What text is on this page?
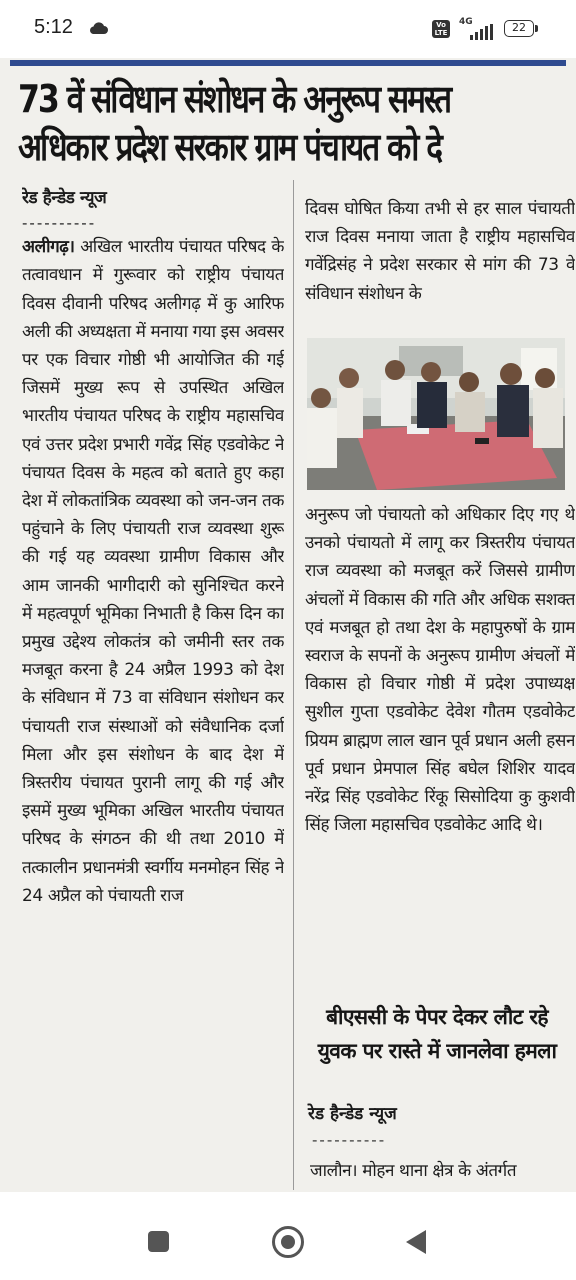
5:12	Vo LTE
4G	22
73 वें संविधान संशोधन के अनुरूप समस्त
अधिकार प्रदेश सरकार ग्राम पंचायत को दे
रेड हैन्डेड न्यूज
----------

अलीगढ़। अखिल भारतीय पंचायत परिषद के तत्वावधान में गुरूवार को राष्ट्रीय पंचायत दिवस दीवानी परिषद अलीगढ़ में कु आरिफ अली की अध्यक्षता में मनाया गया इस अवसर पर एक विचार गोष्ठी भी आयोजित की गई जिसमें मुख्य रूप से उपस्थित अखिल भारतीय पंचायत परिषद के राष्ट्रीय महासचिव एवं उत्तर प्रदेश प्रभारी गवेंद्र सिंह एडवोकेट ने पंचायत दिवस के महत्व को बताते हुए कहा देश में लोकतांत्रिक व्यवस्था को जन-जन तक पहुंचाने के लिए पंचायती राज व्यवस्था शुरू की गई यह व्यवस्था ग्रामीण विकास और आम जानकी भागीदारी को सुनिश्चित करने में महत्वपूर्ण भूमिका निभाती है किस दिन का प्रमुख उद्देश्य लोकतंत्र को जमीनी स्तर तक मजबूत करना है 24 अप्रैल 1993 को देश के संविधान में 73 वा संविधान संशोधन कर पंचायती राज संस्थाओं को संवैधानिक दर्जा मिला और इस संशोधन के बाद देश में त्रिस्तरीय पंचायत पुरानी लागू की गई और इसमें मुख्य भूमिका अखिल भारतीय पंचायत परिषद के संगठन की थी तथा 2010 में तत्कालीन प्रधानमंत्री स्वर्गीय मनमोहन सिंह ने 24 अप्रैल को पंचायती राज

दिवस घोषित किया तभी से हर साल पंचायती राज दिवस मनाया जाता है राष्ट्रीय महासचिव गवेंद्रिसंह ने प्रदेश सरकार से मांग की 73 वे संविधान संशोधन के

अनुरूप जो पंचायतो को अधिकार दिए गए थे उनको पंचायतो में लागू कर त्रिस्तरीय पंचायत राज व्यवस्था को मजबूत करें जिससे ग्रामीण अंचलों में विकास की गति और अधिक सशक्त एवं मजबूत हो तथा देश के महापुरुषों के ग्राम स्वराज के सपनों के अनुरूप ग्रामीण अंचलों में विकास हो विचार गोष्ठी में प्रदेश उपाध्यक्ष सुशील गुप्ता एडवोकेट देवेश गौतम एडवोकेट प्रियम ब्राह्मण लाल खान पूर्व प्रधान अली हसन पूर्व प्रधान प्रेमपाल सिंह बघेल शिशिर यादव नरेंद्र सिंह एडवोकेट रिंकू सिसोदिया कु कुशवी सिंह जिला महासचिव एडवोकेट आदि थे।

बीएससी के पेपर देकर लौट रहे युवक पर रास्ते में जानलेवा हमला
रेड हैन्डेड न्यूज
----------
जालौन। मोहन थाना क्षेत्र के अंतर्गत
